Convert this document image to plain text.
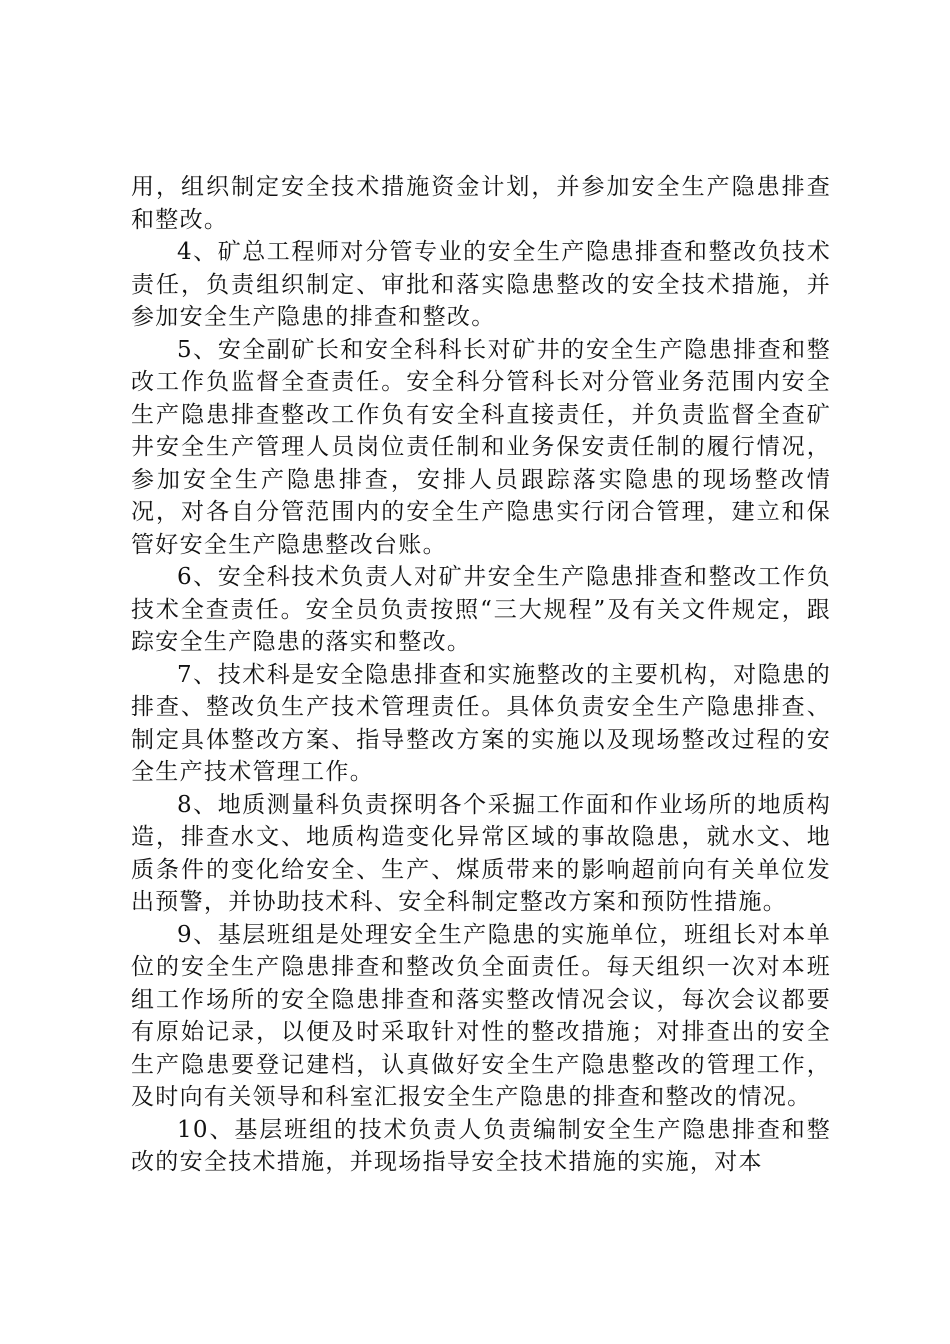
用，组织制定安全技术措施资金计划，并参加安全生产隐患排查和整改。

4、矿总工程师对分管专业的安全生产隐患排查和整改负技术责任，负责组织制定、审批和落实隐患整改的安全技术措施，并参加安全生产隐患的排查和整改。

5、安全副矿长和安全科科长对矿井的安全生产隐患排查和整改工作负监督全查责任。安全科分管科长对分管业务范围内安全生产隐患排查整改工作负有安全科直接责任，并负责监督全查矿井安全生产管理人员岗位责任制和业务保安责任制的履行情况，参加安全生产隐患排查，安排人员跟踪落实隐患的现场整改情况，对各自分管范围内的安全生产隐患实行闭合管理，建立和保管好安全生产隐患整改台账。

6、安全科技术负责人对矿井安全生产隐患排查和整改工作负技术全查责任。安全员负责按照“三大规程”及有关文件规定，跟踪安全生产隐患的落实和整改。

7、技术科是安全隐患排查和实施整改的主要机构，对隐患的排查、整改负生产技术管理责任。具体负责安全生产隐患排查、制定具体整改方案、指导整改方案的实施以及现场整改过程的安全生产技术管理工作。

8、地质测量科负责探明各个采掘工作面和作业场所的地质构造，排查水文、地质构造变化异常区域的事故隐患，就水文、地质条件的变化给安全、生产、煤质带来的影响超前向有关单位发出预警，并协助技术科、安全科制定整改方案和预防性措施。

9、基层班组是处理安全生产隐患的实施单位，班组长对本单位的安全生产隐患排查和整改负全面责任。每天组织一次对本班组工作场所的安全隐患排查和落实整改情况会议，每次会议都要有原始记录，以便及时采取针对性的整改措施；对排查出的安全生产隐患要登记建档，认真做好安全生产隐患整改的管理工作，及时向有关领导和科室汇报安全生产隐患的排查和整改的情况。

10、基层班组的技术负责人负责编制安全生产隐患排查和整改的安全技术措施，并现场指导安全技术措施的实施，对本
